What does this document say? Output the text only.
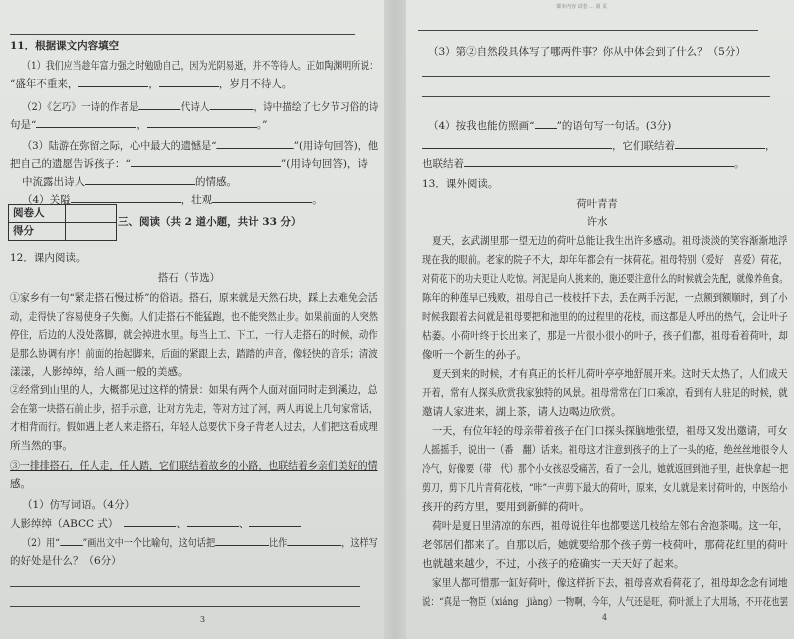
11．根据课文内容填空
（1）我们应当趁年富力强之时勉励自己，因为光阴易逝，并不等待人。正如陶渊明所说：
“盛年不重来，	，	，岁月不待人。
（2）《乞巧》一诗的作者是	代诗人	，诗中描绘了七夕节习俗的诗
句是“	，	。”
（3）陆游在弥留之际，心中最大的遗憾是“	”(用诗句回答)，他
把自己的遗愿告诉孩子：“	”(用诗句回答)，诗
中流露出诗人	的情感。
（4）关隘	，壮观	。
阅卷人	
得分	
三、阅读（共 2 道小题，共计 33 分）
12．课内阅读。
搭石（节选）
①家乡有一句“紧走搭石慢过桥”的俗语。搭石，原来就是天然石块，踩上去难免会活
动，走得快了容易使身子失衡。人们走搭石不能猛跑，也不能突然止步。如果前面的人突然
停住，后边的人没处落脚，就会掉进水里。每当上工、下工，一行人走搭石的时候，动作
是那么协调有序！前面的抬起脚来，后面的紧跟上去，踏踏的声音，像轻快的音乐；清波
漾漾，人影绰绰，给人画一般的美感。
②经常到山里的人，大概都见过这样的情景：如果有两个人面对面同时走到溪边，总
会在第一块搭石前止步，招手示意，让对方先走，等对方过了河，两人再说上几句家常话，
才相背而行。假如遇上老人来走搭石，年轻人总要伏下身子背老人过去，人们把这看成理
所当然的事。
③一排排搭石，任人走，任人踏，它们联结着故乡的小路，也联结着乡亲们美好的情
感。
（1）仿写词语。（4分）
人影绰绰（ABCC 式）	、	、
（2）用“ ”画出文中一个比喻句，这句话把	比作	，这样写
的好处是什么？（6分）
3
课本内容 试卷 ... 第 页
（3）第②自然段具体写了哪两件事？你从中体会到了什么？（5分）
（4）按我也能仿照画“ ”的语句写一句话。(3分)
，它们联结着	，
也联结着	。
13．课外阅读。
荷叶青青
许水
夏天，玄武湖里那一望无边的荷叶总能让我生出许多感动。祖母淡淡的笑容渐渐地浮
现在我的眼前。老家的院子不大，却年年都会有一抹荷花。祖母特别（爱好　喜爱）荷花，
对荷花下的功夫更让人吃惊。河泥是向人挑来的，施还要注意什么的时候就会先配，就像养鱼食。
陈年的种莲早已残败，祖母自己一枝枝扦下去，丢在两手污泥，一点额到额顺时，到了小
时候我跟着去问就是祖母要把和池里的的过程里的花枝，而这都是人呼出的热气，会让叶子
枯萎。小荷叶终于长出来了，那是一片很小很小的叶子，孩子们都，祖母看着荷叶，却
像听一个新生的孙子。
夏天到来的时候，才有真正的长杆儿荷叶亭亭地舒展开来。这时天太热了，人们成天
开着，常有人探头欣赏我家独特的风景。祖母常常在门口乘凉，看到有人驻足的时候，就
邀请人家进来，湖上茶，请人边喝边欣赏。
一天，有位年轻的母亲带着孩子在门口探头探脑地张望，祖母又发出邀请，可女
人摇摇手，说出一（番　翻）话来。祖母这才注意到孩子的上了一头的疮，绝丝丝地很令人
冷气，好像要（带　代）那个小女孩忍受痛苦，看了一会儿，她就返回到池子里，赶快拿起一把
剪刀，剪下几片青荷花枝，“咔”一声剪下最大的荷叶，原来，女儿就是来讨荷叶的，中医给小
孩开的药方里，要用到新鲜的荷叶。
荷叶是夏日里清凉的东西，祖母说往年也都要送几枝给左邻右舍泡茶喝。这一年，
老邻居们都来了。自那以后，她就要给那个孩子剪一枝荷叶，那荷花红里的荷叶
也就越来越少，不过，小孩子的疮确实一天天好了起来。
家里人都可惜那一缸好荷叶，像这样折下去，祖母喜欢看荷花了，祖母却念念有词地
说：“真是一物臣（xiáng　jiàng）一物啊，今年，人气还是旺，荷叶派上了大用场，不开花也罢
4
